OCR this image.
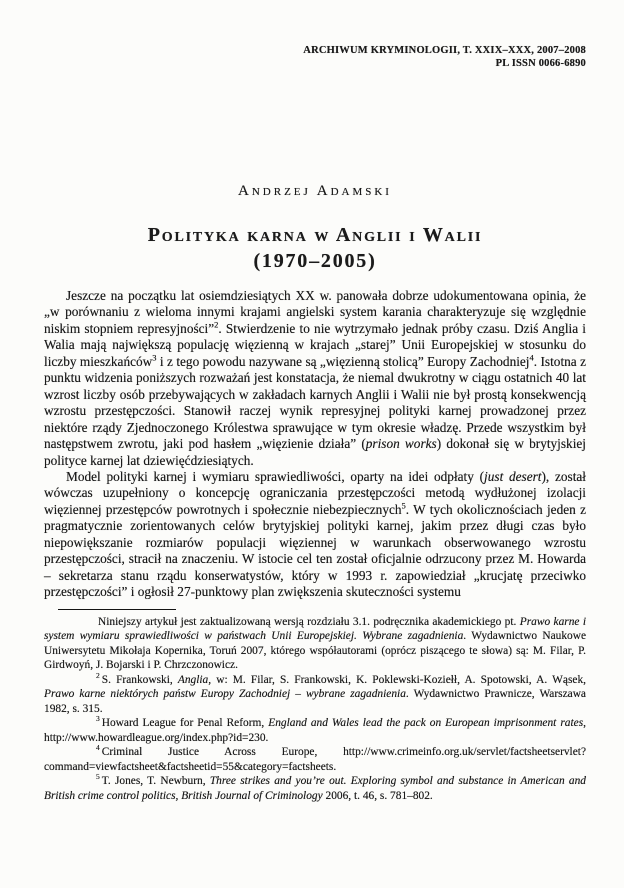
ARCHIWUM KRYMINOLOGII, T. XXIX–XXX, 2007–2008
PL ISSN 0066-6890
Andrzej Adamski
Polityka karna w Anglii i Walii
(1970–2005)

Jeszcze na początku lat osiemdziesiątych XX w. panowała dobrze udokumentowana opinia, że „w porównaniu z wieloma innymi krajami angielski system karania charakteryzuje się względnie niskim stopniem represyjności”$^2$. Stwierdzenie to nie wytrzymało jednak próby czasu. Dziś Anglia i Walia mają największą populację więzienną w krajach „starej” Unii Europejskiej w stosunku do liczby mieszkańców$^3$ i z tego powodu nazywane są „więzienną stolicą” Europy Zachodniej$^4$. Istotna z punktu widzenia poniższych rozważań jest konstatacja, że niemal dwukrotny w ciągu ostatnich 40 lat wzrost liczby osób przebywających w zakładach karnych Anglii i Walii nie był prostą konsekwencją wzrostu przestępczości. Stanowił raczej wynik represyjnej polityki karnej prowadzonej przez niektóre rządy Zjednoczonego Królestwa sprawujące w tym okresie władzę. Przede wszystkim był następstwem zwrotu, jaki pod hasłem „więzienie działa” (prison works) dokonał się w brytyjskiej polityce karnej lat dziewięćdziesiątych.

Model polityki karnej i wymiaru sprawiedliwości, oparty na idei odpłaty (just desert), został wówczas uzupełniony o koncepcję ograniczania przestępczości metodą wydłużonej izolacji więziennej przestępców powrotnych i społecznie niebezpiecznych$^5$. W tych okolicznościach jeden z pragmatycznie zorientowanych celów brytyjskiej polityki karnej, jakim przez długi czas było niepowiększanie rozmiarów populacji więziennej w warunkach obserwowanego wzrostu przestępczości, stracił na znaczeniu. W istocie cel ten został oficjalnie odrzucony przez M. Howarda – sekretarza stanu rządu konserwatystów, który w 1993 r. zapowiedział „krucjatę przeciwko przestępczości” i ogłosił 27-punktowy plan zwiększenia skuteczności systemu

Niniejszy artykuł jest zaktualizowaną wersją rozdziału 3.1. podręcznika akademickiego pt. Prawo karne i system wymiaru sprawiedliwości w państwach Unii Europejskiej. Wybrane zagadnienia. Wydawnictwo Naukowe Uniwersytetu Mikołaja Kopernika, Toruń 2007, którego współautorami (oprócz piszącego te słowa) są: M. Filar, P. Girdwoyń, J. Bojarski i P. Chrzczonowicz.

$^2$ S. Frankowski, Anglia, w: M. Filar, S. Frankowski, K. Poklewski-Koziełł, A. Spotowski, A. Wąsek, Prawo karne niektórych państw Europy Zachodniej – wybrane zagadnienia. Wydawnictwo Prawnicze, Warszawa 1982, s. 315.

$^3$ Howard League for Penal Reform, England and Wales lead the pack on European imprisonment rates, http://www.howardleague.org/index.php?id=230.

$^4$ Criminal Justice Across Europe, http://www.crimeinfo.org.uk/servlet/factsheetservlet?command=viewfactsheet&factsheetid=55&category=factsheets.

$^5$ T. Jones, T. Newburn, Three strikes and you’re out. Exploring symbol and substance in American and British crime control politics, British Journal of Criminology 2006, t. 46, s. 781–802.
